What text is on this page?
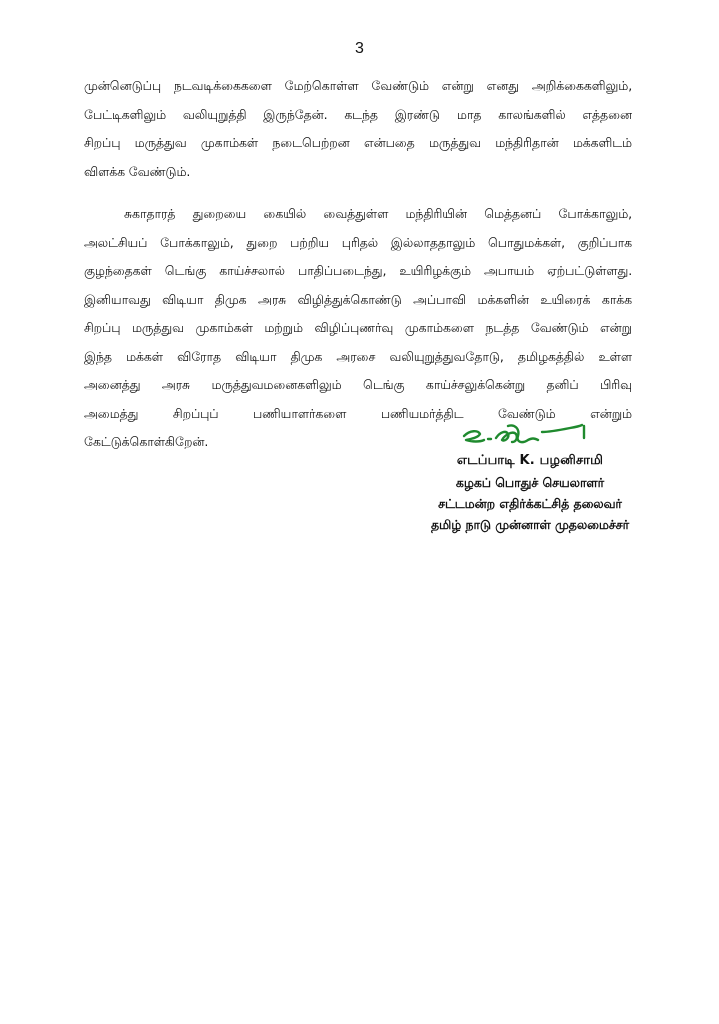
3
முன்னெடுப்பு நடவடிக்கைகளை மேற்கொள்ள வேண்டும் என்று எனது அறிக்கைகளிலும்,
பேட்டிகளிலும் வலியுறுத்தி இருந்தேன். கடந்த இரண்டு மாத காலங்களில் எத்தனை
சிறப்பு மருத்துவ முகாம்கள் நடைபெற்றன என்பதை மருத்துவ மந்திரிதான் மக்களிடம்
விளக்க வேண்டும்.
சுகாதாரத் துறையை கையில் வைத்துள்ள மந்திரியின் மெத்தனப் போக்காலும்,
அலட்சியப் போக்காலும், துறை பற்றிய புரிதல் இல்லாததாலும் பொதுமக்கள், குறிப்பாக
குழந்தைகள் டெங்கு காய்ச்சலால் பாதிப்படைந்து, உயிரிழக்கும் அபாயம் ஏற்பட்டுள்ளது.
இனியாவது விடியா திமுக அரசு விழித்துக்கொண்டு அப்பாவி மக்களின் உயிரைக் காக்க
சிறப்பு மருத்துவ முகாம்கள் மற்றும் விழிப்புணர்வு முகாம்களை நடத்த வேண்டும் என்று
இந்த மக்கள் விரோத விடியா திமுக அரசை வலியுறுத்துவதோடு, தமிழகத்தில் உள்ள
அனைத்து அரசு மருத்துவமனைகளிலும் டெங்கு காய்ச்சலுக்கென்று தனிப் பிரிவு
அமைத்து சிறப்புப் பணியாளர்களை பணியமர்த்திட வேண்டும் என்றும்
கேட்டுக்கொள்கிறேன்.
எடப்பாடி K. பழனிசாமி
கழகப் பொதுச் செயலாளர்
சட்டமன்ற எதிர்க்கட்சித் தலைவர்
தமிழ் நாடு முன்னாள் முதலமைச்சர்
